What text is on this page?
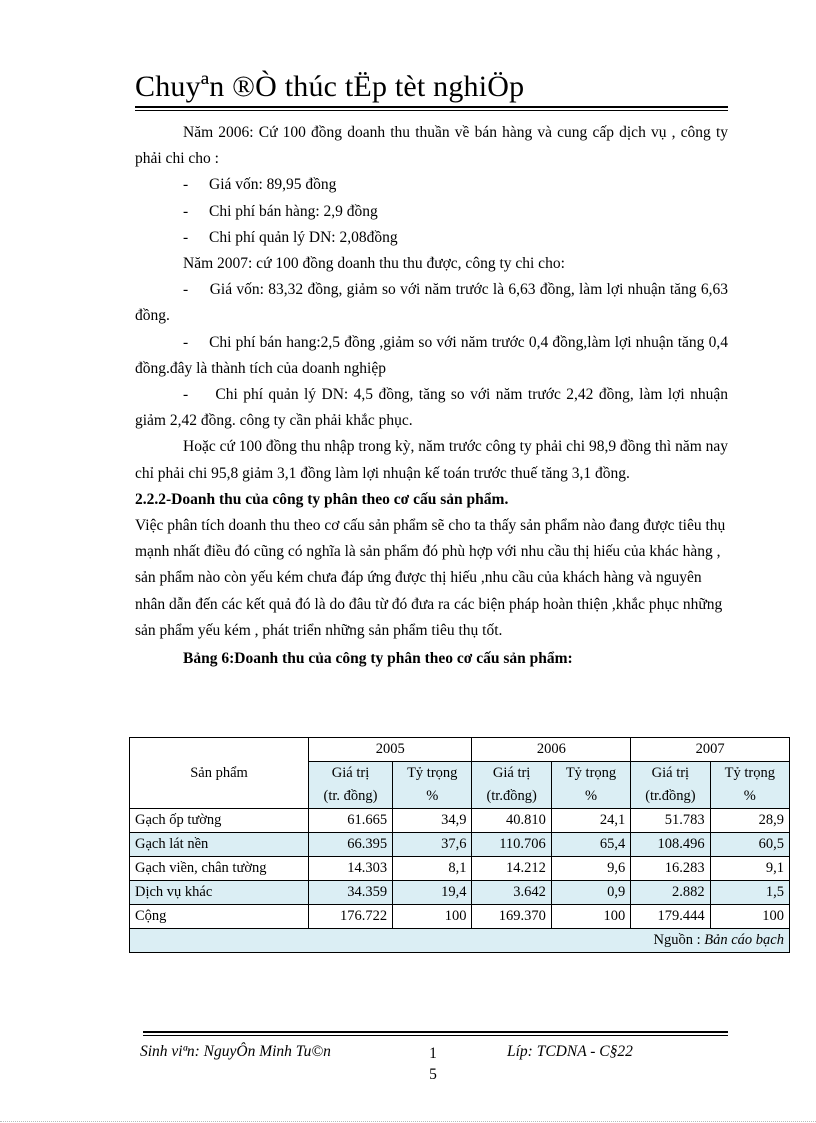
Chuyªn ®Ò thúc tËp tèt nghiÖp

Năm 2006: Cứ 100 đồng doanh thu thuần về bán hàng và cung cấp dịch vụ , công ty phải chi cho :

-	Giá vốn: 89,95 đồng

-	Chi phí bán hàng: 2,9 đồng

-	Chi phí quản lý DN: 2,08đồng

Năm 2007: cứ 100 đồng doanh thu thu được, công ty chi cho:

-     Giá vốn: 83,32 đồng, giảm so với năm trước là 6,63 đồng, làm lợi nhuận tăng 6,63 đồng.

-     Chi phí bán hang:2,5 đồng ,giảm so với năm trước 0,4 đồng,làm lợi nhuận tăng 0,4 đồng.đây là thành tích của doanh nghiệp

-     Chi phí quản lý DN: 4,5 đồng, tăng so với năm trước 2,42 đồng, làm lợi nhuận giảm 2,42 đồng. công ty cần phải khắc phục.

Hoặc cứ 100 đồng thu nhập trong kỳ, năm trước công ty phải chi 98,9 đồng thì năm nay chỉ phải chi 95,8 giảm 3,1 đồng làm lợi nhuận kế toán trước thuế tăng 3,1 đồng.

2.2.2-Doanh thu của công ty phân theo cơ cấu sản phẩm.

Việc phân tích doanh thu theo cơ cấu sản phẩm sẽ cho ta thấy sản phẩm nào đang được tiêu thụ mạnh nhất điều đó cũng có nghĩa là sản phẩm đó phù hợp với nhu cầu thị hiếu của khác hàng , sản phẩm nào còn yếu kém chưa đáp ứng được thị hiếu ,nhu cầu của khách hàng và nguyên nhân dẫn đến các kết quả đó là do đâu từ đó đưa ra các biện pháp hoàn thiện ,khắc phục những sản phẩm yếu kém , phát triển những sản phẩm tiêu thụ tốt.

Bảng 6:Doanh thu của công ty phân theo cơ cấu sản phẩm:

Sản phẩm	2005		2006		2007	
	Giá trị	Tỷ trọng	Giá trị	Tỷ trọng	Giá trị	Tỷ trọng
	(tr. đồng)	%	(tr.đồng)	%	(tr.đồng)	%
Gạch ốp tường	61.665	34,9	40.810	24,1	51.783	28,9
Gạch lát nền	66.395	37,6	110.706	65,4	108.496	60,5
Gạch viền, chân tường	14.303	8,1	14.212	9,6	16.283	9,1
Dịch vụ khác	34.359	19,4	3.642	0,9	2.882	1,5
Cộng	176.722	100	169.370	100	179.444	100
Nguồn : Bản cáo bạch						
Sinh viªn: NguyÔn Minh Tu©n	1
5
Líp: TCDNA - C§22
